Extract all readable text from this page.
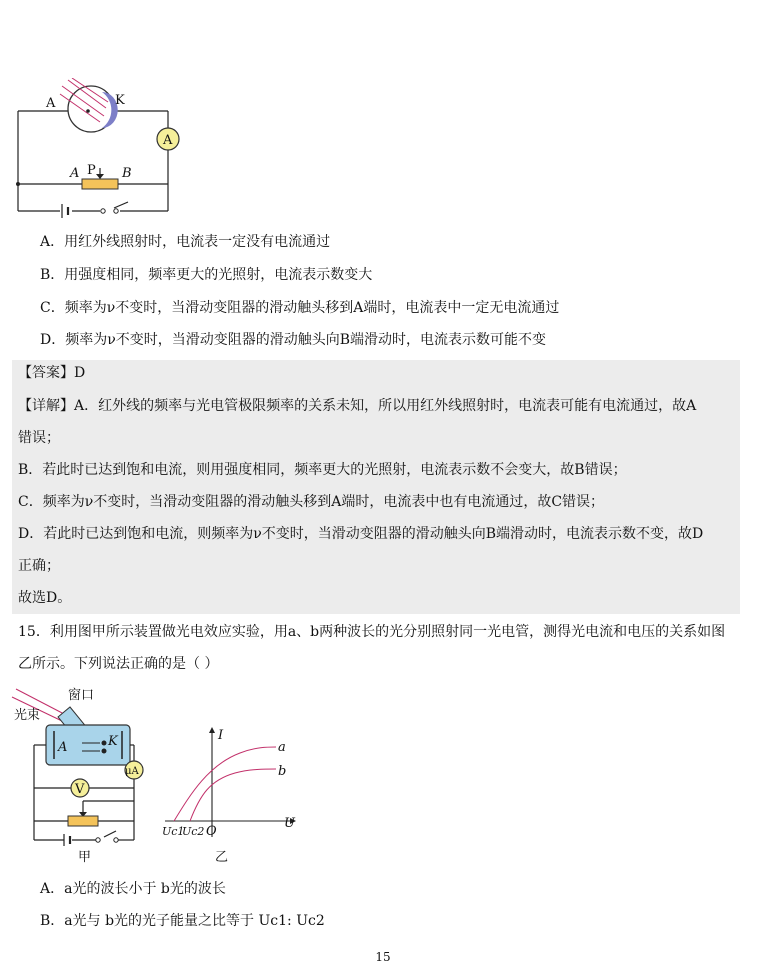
A	K
A
P
A	B
A．用红外线照射时，电流表一定没有电流通过
B．用强度相同，频率更大的光照射，电流表示数变大
C．频率为ν不变时，当滑动变阻器的滑动触头移到A端时，电流表中一定无电流通过
D．频率为ν不变时，当滑动变阻器的滑动触头向B端滑动时，电流表示数可能不变
【答案】D
【详解】A．红外线的频率与光电管极限频率的关系未知，所以用红外线照射时，电流表可能有电流通过，故A
错误；
B．若此时已达到饱和电流，则用强度相同，频率更大的光照射，电流表示数不会变大，故B错误；
C．频率为ν不变时，当滑动变阻器的滑动触头移到A端时，电流表中也有电流通过，故C错误；
D．若此时已达到饱和电流，则频率为ν不变时，当滑动变阻器的滑动触头向B端滑动时，电流表示数不变，故D
正确；
故选D。
15．利用图甲所示装置做光电效应实验，用a、b两种波长的光分别照射同一光电管，测得光电流和电压的关系如图
乙所示。下列说法正确的是（ ）
窗口
光束
A	K
V
μA
甲
I
U
O
a
b
Uc1
Uc2
乙
A．a光的波长小于 b光的波长
B．a光与 b光的光子能量之比等于 Uc1: Uc2
15
